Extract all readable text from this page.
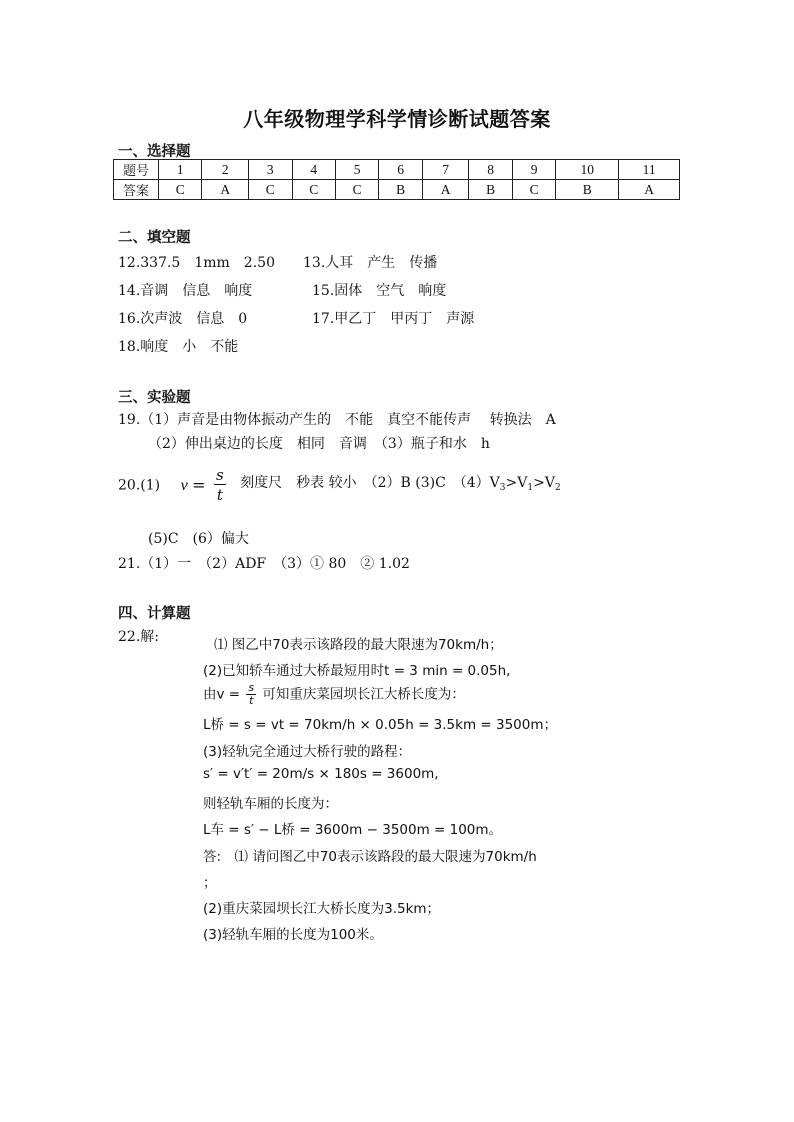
八年级物理学科学情诊断试题答案
一、选择题
题号	1	2	3	4	5	6	7	8	9	10	11
答案	C	A	C	C	C	B	A	B	C	B	A
二、填空题
12.337.5　1mm　2.50 13.人耳　产生　传播
14.音调　信息　响度	15.固体　空气　响度
16.次声波　信息　0	17.甲乙丁　甲丙丁　声源
18.响度　小　不能
三、实验题
19.（1）声音是由物体振动产生的　不能　真空不能传声　 转换法　A
（2）伸出桌边的长度　相同　音调　（3）瓶子和水　h
20.(1) $v = \frac{s}{t}$ 刻度尺　秒表 较小　（2）B (3)C　$(4)V_3>V_1>V_2$
(5)C　(6）偏大
21.（1）一　（2）ADF　（3）① 80　② 1.02
四、计算题
22.解:	⑴ 图乙中70表示该路段的最大限速为70km/h；
(2)已知轿车通过大桥最短用时t = 3 min = 0.05h,
由$v = \frac{s}{t}$ 可知重庆菜园坝长江大桥长度为：
L桥 = s = vt = 70km/h × 0.05h = 3.5km = 3500m；
(3)轻轨完全通过大桥行驶的路程：
s′ = v′t′ = 20m/s × 180s = 3600m,
则轻轨车厢的长度为：
L车 = s′ − L桥 = 3600m − 3500m = 100m。
答:　⑴ 请问图乙中70表示该路段的最大限速为70km/h
；
(2)重庆菜园坝长江大桥长度为3.5km；
(3)轻轨车厢的长度为100米。
